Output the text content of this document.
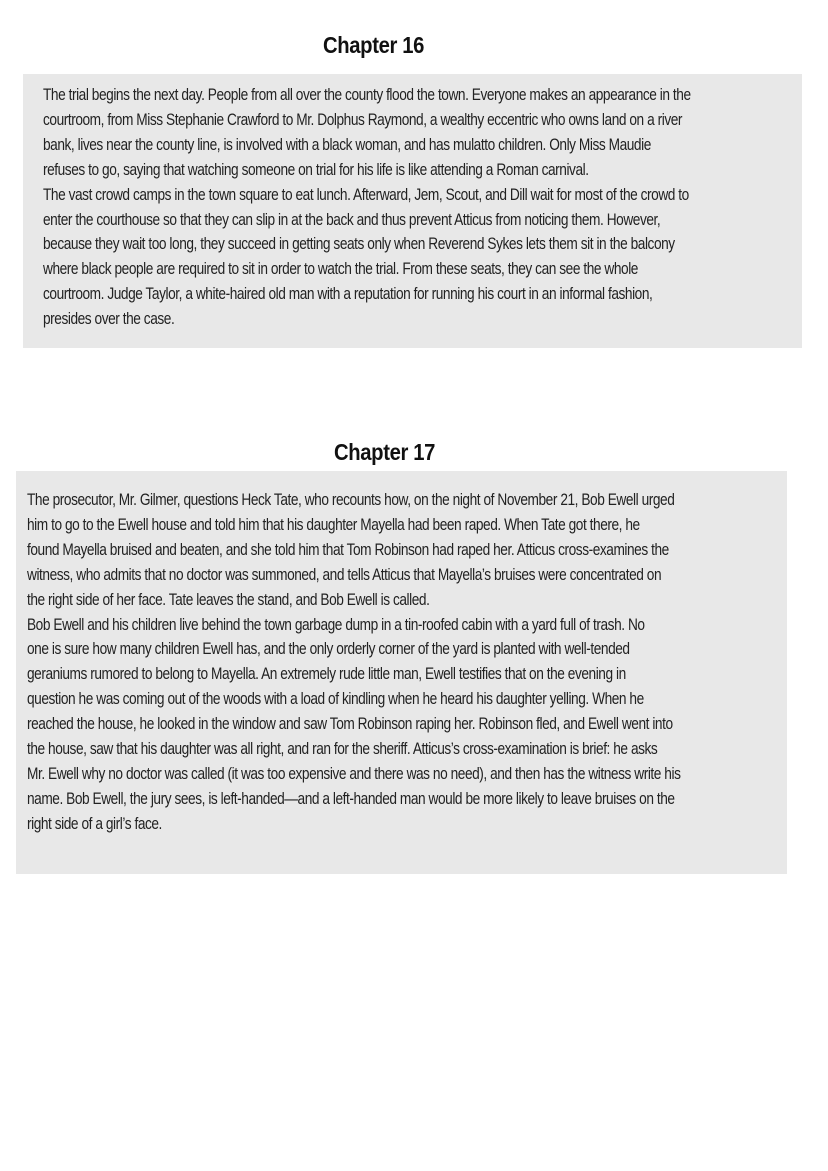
Chapter 16

The trial begins the next day. People from all over the county flood the town. Everyone makes an appearance in the
courtroom, from Miss Stephanie Crawford to Mr. Dolphus Raymond, a wealthy eccentric who owns land on a river
bank, lives near the county line, is involved with a black woman, and has mulatto children. Only Miss Maudie
refuses to go, saying that watching someone on trial for his life is like attending a Roman carnival.

The vast crowd camps in the town square to eat lunch. Afterward, Jem, Scout, and Dill wait for most of the crowd to
enter the courthouse so that they can slip in at the back and thus prevent Atticus from noticing them. However,
because they wait too long, they succeed in getting seats only when Reverend Sykes lets them sit in the balcony
where black people are required to sit in order to watch the trial. From these seats, they can see the whole
courtroom. Judge Taylor, a white-haired old man with a reputation for running his court in an informal fashion,
presides over the case.

Chapter 17

The prosecutor, Mr. Gilmer, questions Heck Tate, who recounts how, on the night of November 21, Bob Ewell urged
him to go to the Ewell house and told him that his daughter Mayella had been raped. When Tate got there, he
found Mayella bruised and beaten, and she told him that Tom Robinson had raped her. Atticus cross-examines the
witness, who admits that no doctor was summoned, and tells Atticus that Mayella’s bruises were concentrated on
the right side of her face. Tate leaves the stand, and Bob Ewell is called.

Bob Ewell and his children live behind the town garbage dump in a tin-roofed cabin with a yard full of trash. No
one is sure how many children Ewell has, and the only orderly corner of the yard is planted with well-tended
geraniums rumored to belong to Mayella. An extremely rude little man, Ewell testifies that on the evening in
question he was coming out of the woods with a load of kindling when he heard his daughter yelling. When he
reached the house, he looked in the window and saw Tom Robinson raping her. Robinson fled, and Ewell went into
the house, saw that his daughter was all right, and ran for the sheriff. Atticus’s cross-examination is brief: he asks
Mr. Ewell why no doctor was called (it was too expensive and there was no need), and then has the witness write his
name. Bob Ewell, the jury sees, is left-handed—and a left-handed man would be more likely to leave bruises on the
right side of a girl’s face.
